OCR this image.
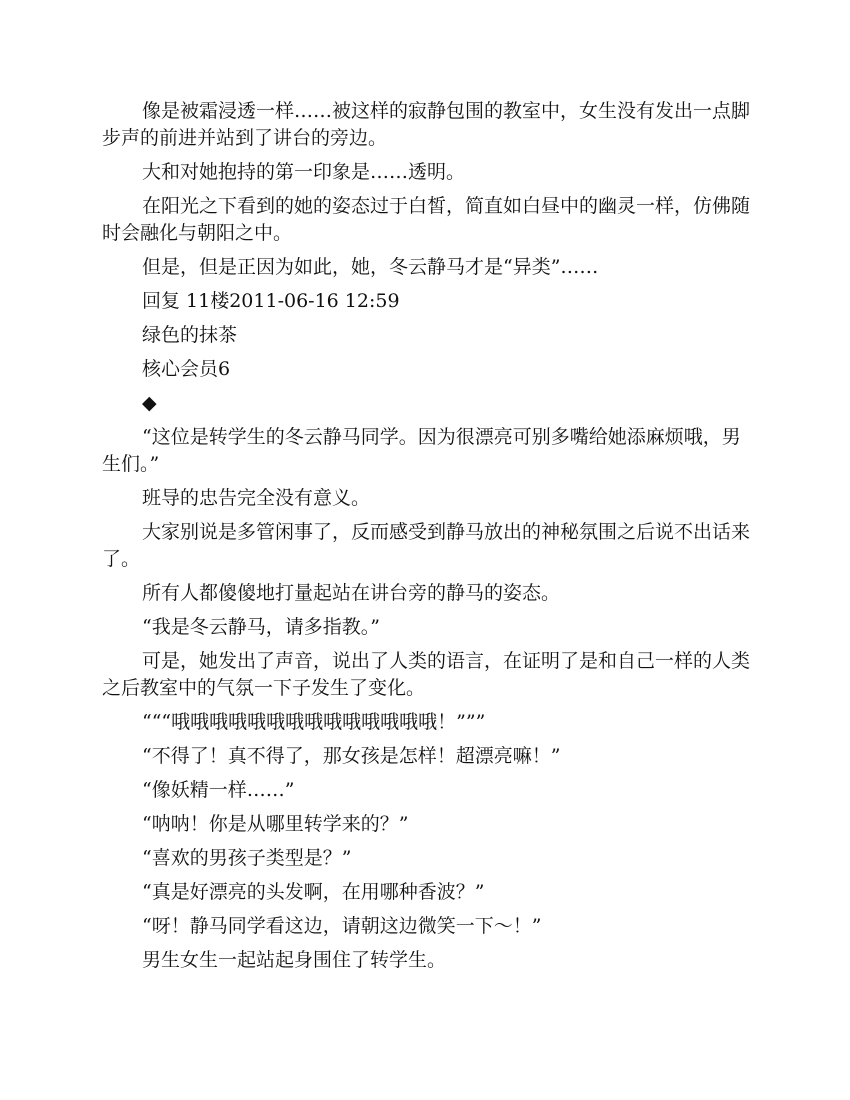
像是被霜浸透一样……被这样的寂静包围的教室中，女生没有发出一点脚步声的前进并站到了讲台的旁边。

大和对她抱持的第一印象是……透明。

在阳光之下看到的她的姿态过于白皙，简直如白昼中的幽灵一样，仿佛随时会融化与朝阳之中。

但是，但是正因为如此，她，冬云静马才是“异类”……

回复 11楼2011-06-16 12:59

绿色的抹茶

核心会员6

◆

“这位是转学生的冬云静马同学。因为很漂亮可别多嘴给她添麻烦哦，男生们。”

班导的忠告完全没有意义。

大家别说是多管闲事了，反而感受到静马放出的神秘氛围之后说不出话来了。

所有人都傻傻地打量起站在讲台旁的静马的姿态。

“我是冬云静马，请多指教。”

可是，她发出了声音，说出了人类的语言，在证明了是和自己一样的人类之后教室中的气氛一下子发生了变化。

“““哦哦哦哦哦哦哦哦哦哦哦哦哦哦！”””

“不得了！真不得了，那女孩是怎样！超漂亮嘛！”

“像妖精一样……”

“呐呐！你是从哪里转学来的？”

“喜欢的男孩子类型是？”

“真是好漂亮的头发啊，在用哪种香波？”

“呀！静马同学看这边，请朝这边微笑一下～！”

男生女生一起站起身围住了转学生。
